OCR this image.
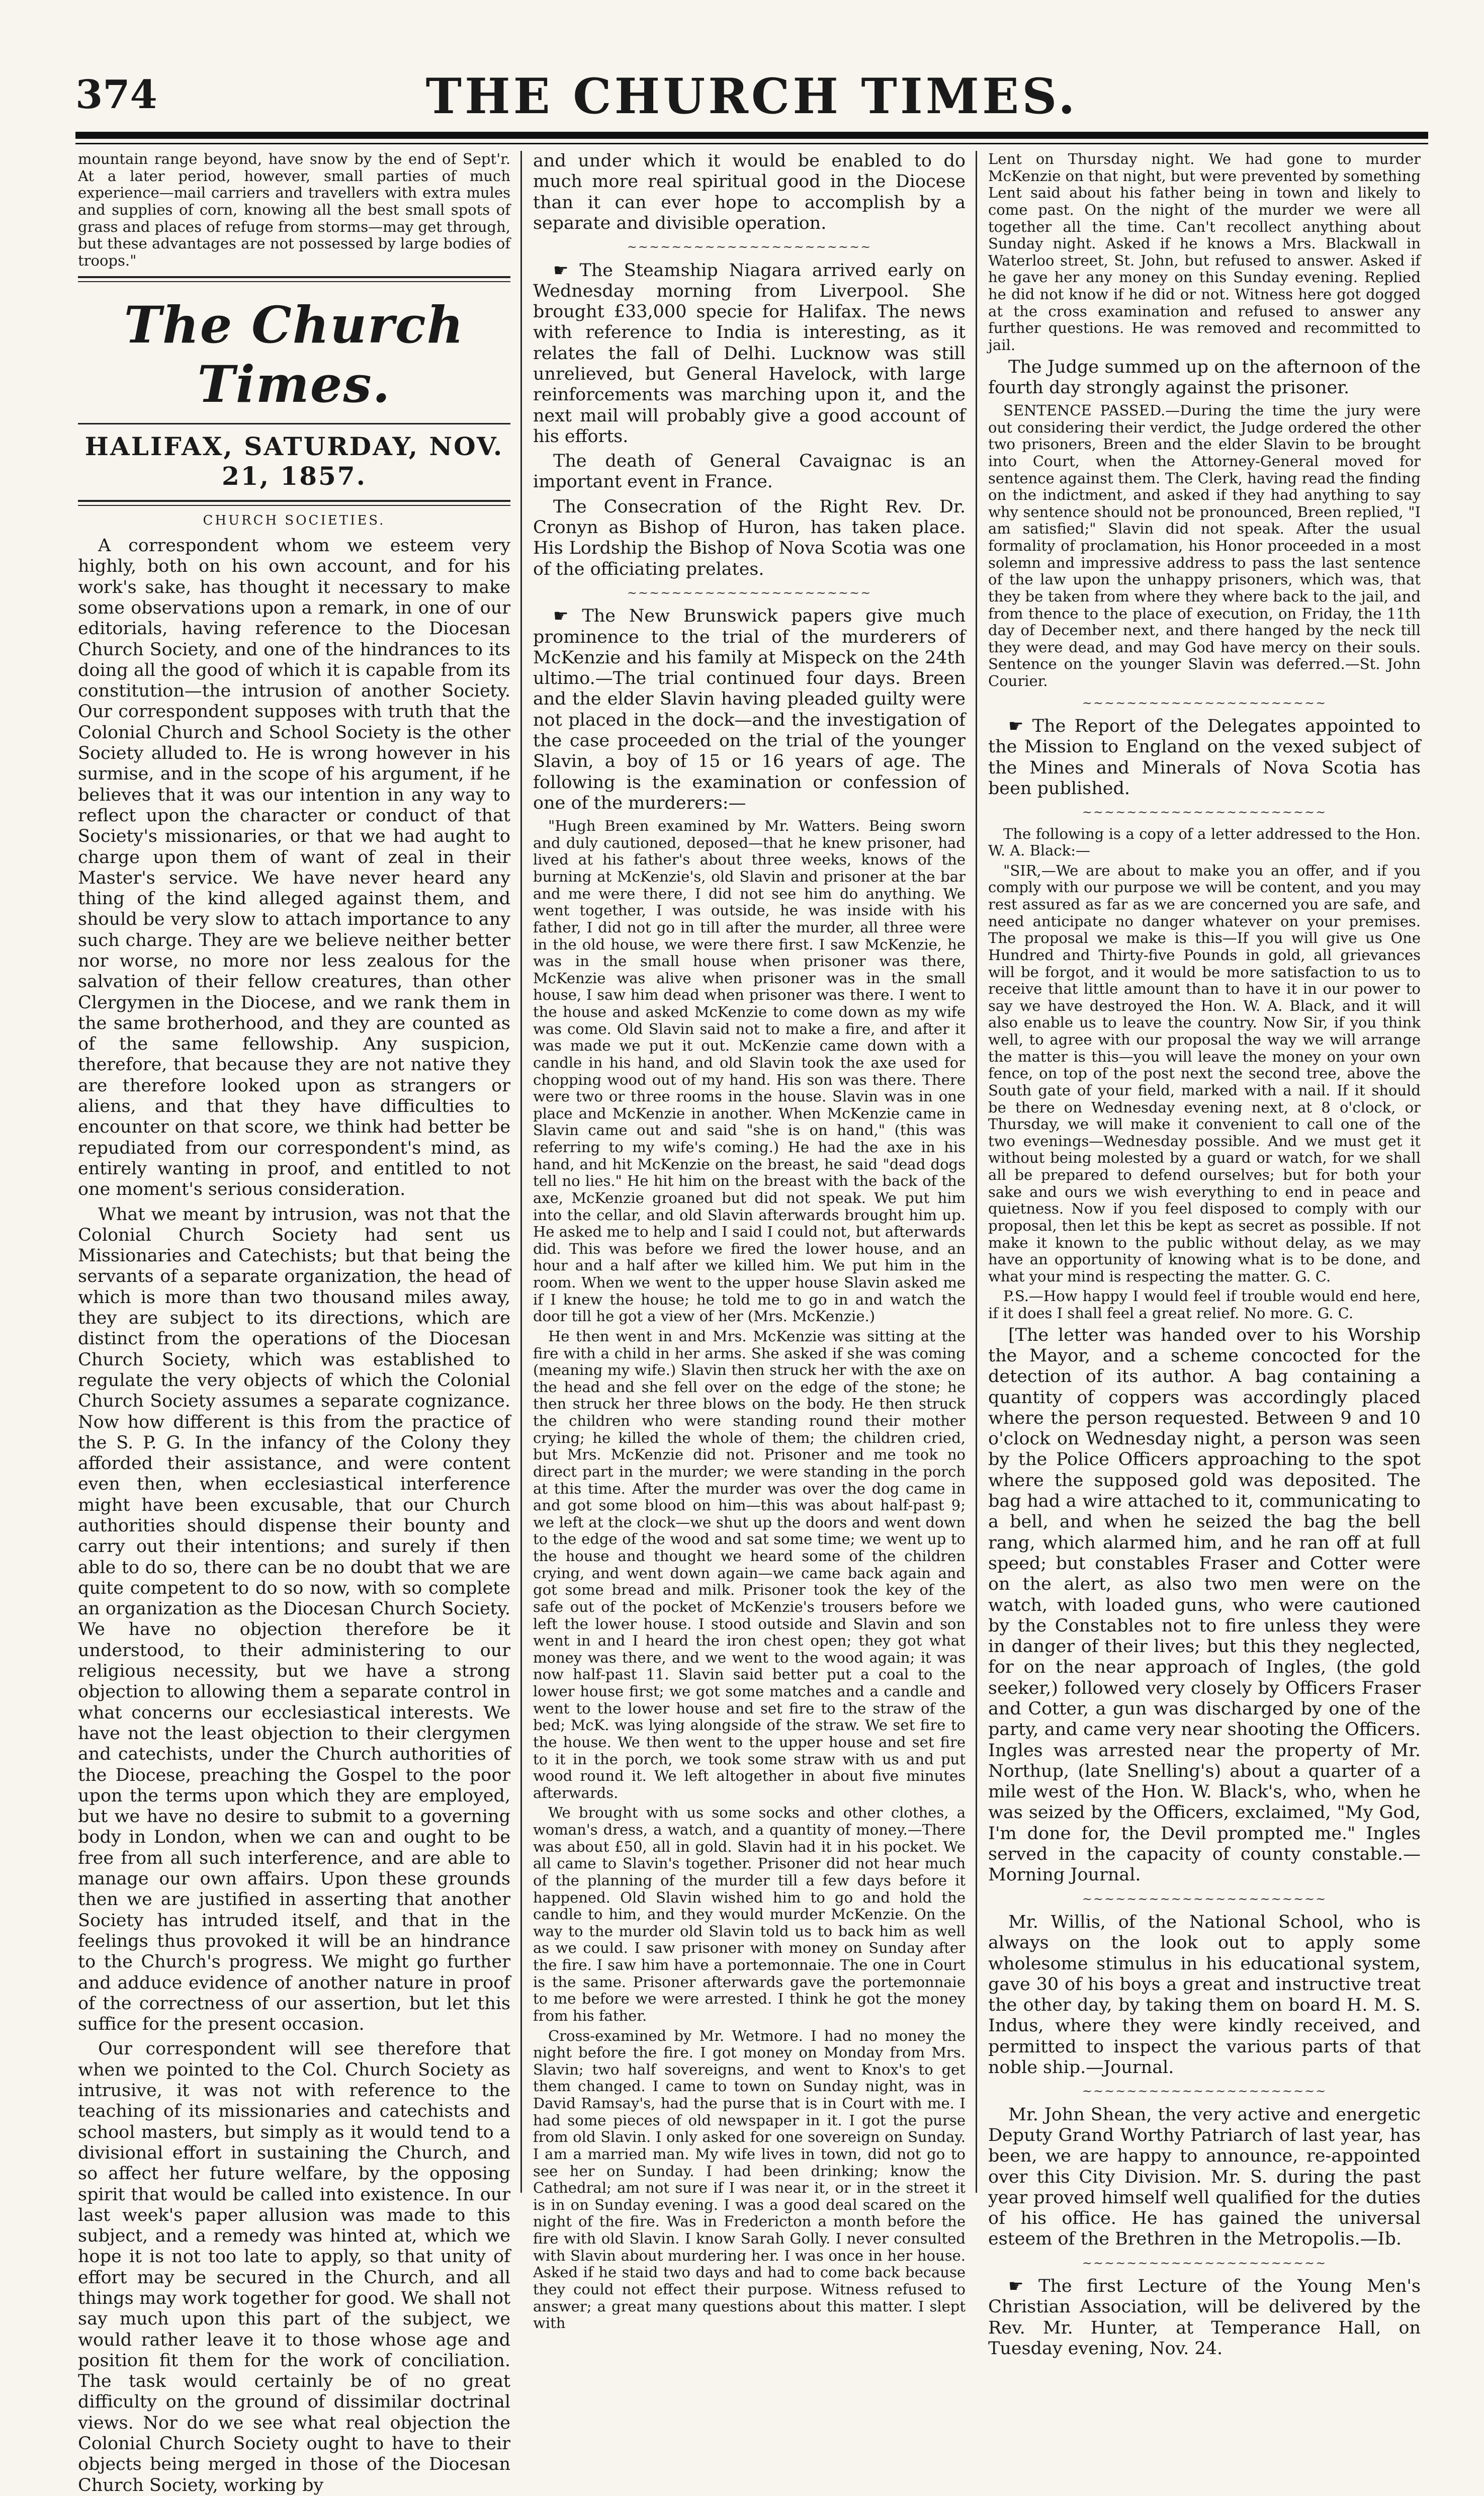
374	THE CHURCH TIMES.

mountain range beyond, have snow by the end of Sept'r. At a later period, however, small parties of much experience—mail carriers and travellers with extra mules and supplies of corn, knowing all the best small spots of grass and places of refuge from storms—may get through, but these advantages are not possessed by large bodies of troops."

The Church Times.
HALIFAX, SATURDAY, NOV. 21, 1857.
CHURCH SOCIETIES.

A correspondent whom we esteem very highly, both on his own account, and for his work's sake, has thought it necessary to make some observations upon a remark, in one of our editorials, having reference to the Diocesan Church Society, and one of the hindrances to its doing all the good of which it is capable from its constitution—the intrusion of another Society. Our correspondent supposes with truth that the Colonial Church and School Society is the other Society alluded to. He is wrong however in his surmise, and in the scope of his argument, if he believes that it was our intention in any way to reflect upon the character or conduct of that Society's missionaries, or that we had aught to charge upon them of want of zeal in their Master's service. We have never heard any thing of the kind alleged against them, and should be very slow to attach importance to any such charge. They are we believe neither better nor worse, no more nor less zealous for the salvation of their fellow creatures, than other Clergymen in the Diocese, and we rank them in the same brotherhood, and they are counted as of the same fellowship. Any suspicion, therefore, that because they are not native they are therefore looked upon as strangers or aliens, and that they have difficulties to encounter on that score, we think had better be repudiated from our correspondent's mind, as entirely wanting in proof, and entitled to not one moment's serious consideration.

What we meant by intrusion, was not that the Colonial Church Society had sent us Missionaries and Catechists; but that being the servants of a separate organization, the head of which is more than two thousand miles away, they are subject to its directions, which are distinct from the operations of the Diocesan Church Society, which was established to regulate the very objects of which the Colonial Church Society assumes a separate cognizance. Now how different is this from the practice of the S. P. G. In the infancy of the Colony they afforded their assistance, and were content even then, when ecclesiastical interference might have been excusable, that our Church authorities should dispense their bounty and carry out their intentions; and surely if then able to do so, there can be no doubt that we are quite competent to do so now, with so complete an organization as the Diocesan Church Society. We have no objection therefore be it understood, to their administering to our religious necessity, but we have a strong objection to allowing them a separate control in what concerns our ecclesiastical interests. We have not the least objection to their clergymen and catechists, under the Church authorities of the Diocese, preaching the Gospel to the poor upon the terms upon which they are employed, but we have no desire to submit to a governing body in London, when we can and ought to be free from all such interference, and are able to manage our own affairs. Upon these grounds then we are justified in asserting that another Society has intruded itself, and that in the feelings thus provoked it will be an hindrance to the Church's progress. We might go further and adduce evidence of another nature in proof of the correctness of our assertion, but let this suffice for the present occasion.

Our correspondent will see therefore that when we pointed to the Col. Church Society as intrusive, it was not with reference to the teaching of its missionaries and catechists and school masters, but simply as it would tend to a divisional effort in sustaining the Church, and so affect her future welfare, by the opposing spirit that would be called into existence. In our last week's paper allusion was made to this subject, and a remedy was hinted at, which we hope it is not too late to apply, so that unity of effort may be secured in the Church, and all things may work together for good. We shall not say much upon this part of the subject, we would rather leave it to those whose age and position fit them for the work of conciliation. The task would certainly be of no great difficulty on the ground of dissimilar doctrinal views. Nor do we see what real objection the Colonial Church Society ought to have to their objects being merged in those of the Diocesan Church Society, working by

and under which it would be enabled to do much more real spiritual good in the Diocese than it can ever hope to accomplish by a separate and divisible operation.

~~~~~~~~~~~~~~~~~~~~~~

☛ The Steamship Niagara arrived early on Wednesday morning from Liverpool. She brought £33,000 specie for Halifax. The news with reference to India is interesting, as it relates the fall of Delhi. Lucknow was still unrelieved, but General Havelock, with large reinforcements was marching upon it, and the next mail will probably give a good account of his efforts.

The death of General Cavaignac is an important event in France.

The Consecration of the Right Rev. Dr. Cronyn as Bishop of Huron, has taken place. His Lordship the Bishop of Nova Scotia was one of the officiating prelates.

~~~~~~~~~~~~~~~~~~~~~~

☛ The New Brunswick papers give much prominence to the trial of the murderers of McKenzie and his family at Mispeck on the 24th ultimo.—The trial continued four days. Breen and the elder Slavin having pleaded guilty were not placed in the dock—and the investigation of the case proceeded on the trial of the younger Slavin, a boy of 15 or 16 years of age. The following is the examination or confession of one of the murderers:—

"Hugh Breen examined by Mr. Watters. Being sworn and duly cautioned, deposed—that he knew prisoner, had lived at his father's about three weeks, knows of the burning at McKenzie's, old Slavin and prisoner at the bar and me were there, I did not see him do anything. We went together, I was outside, he was inside with his father, I did not go in till after the murder, all three were in the old house, we were there first. I saw McKenzie, he was in the small house when prisoner was there, McKenzie was alive when prisoner was in the small house, I saw him dead when prisoner was there. I went to the house and asked McKenzie to come down as my wife was come. Old Slavin said not to make a fire, and after it was made we put it out. McKenzie came down with a candle in his hand, and old Slavin took the axe used for chopping wood out of my hand. His son was there. There were two or three rooms in the house. Slavin was in one place and McKenzie in another. When McKenzie came in Slavin came out and said "she is on hand," (this was referring to my wife's coming.) He had the axe in his hand, and hit McKenzie on the breast, he said "dead dogs tell no lies." He hit him on the breast with the back of the axe, McKenzie groaned but did not speak. We put him into the cellar, and old Slavin afterwards brought him up. He asked me to help and I said I could not, but afterwards did. This was before we fired the lower house, and an hour and a half after we killed him. We put him in the room. When we went to the upper house Slavin asked me if I knew the house; he told me to go in and watch the door till he got a view of her (Mrs. McKenzie.)

He then went in and Mrs. McKenzie was sitting at the fire with a child in her arms. She asked if she was coming (meaning my wife.) Slavin then struck her with the axe on the head and she fell over on the edge of the stone; he then struck her three blows on the body. He then struck the children who were standing round their mother crying; he killed the whole of them; the children cried, but Mrs. McKenzie did not. Prisoner and me took no direct part in the murder; we were standing in the porch at this time. After the murder was over the dog came in and got some blood on him—this was about half-past 9; we left at the clock—we shut up the doors and went down to the edge of the wood and sat some time; we went up to the house and thought we heard some of the children crying, and went down again—we came back again and got some bread and milk. Prisoner took the key of the safe out of the pocket of McKenzie's trousers before we left the lower house. I stood outside and Slavin and son went in and I heard the iron chest open; they got what money was there, and we went to the wood again; it was now half-past 11. Slavin said better put a coal to the lower house first; we got some matches and a candle and went to the lower house and set fire to the straw of the bed; McK. was lying alongside of the straw. We set fire to the house. We then went to the upper house and set fire to it in the porch, we took some straw with us and put wood round it. We left altogether in about five minutes afterwards.

We brought with us some socks and other clothes, a woman's dress, a watch, and a quantity of money.—There was about £50, all in gold. Slavin had it in his pocket. We all came to Slavin's together. Prisoner did not hear much of the planning of the murder till a few days before it happened. Old Slavin wished him to go and hold the candle to him, and they would murder McKenzie. On the way to the murder old Slavin told us to back him as well as we could. I saw prisoner with money on Sunday after the fire. I saw him have a portemonnaie. The one in Court is the same. Prisoner afterwards gave the portemonnaie to me before we were arrested. I think he got the money from his father.

Cross-examined by Mr. Wetmore. I had no money the night before the fire. I got money on Monday from Mrs. Slavin; two half sovereigns, and went to Knox's to get them changed. I came to town on Sunday night, was in David Ramsay's, had the purse that is in Court with me. I had some pieces of old newspaper in it. I got the purse from old Slavin. I only asked for one sovereign on Sunday. I am a married man. My wife lives in town, did not go to see her on Sunday. I had been drinking; know the Cathedral; am not sure if I was near it, or in the street it is in on Sunday evening. I was a good deal scared on the night of the fire. Was in Fredericton a month before the fire with old Slavin. I know Sarah Golly. I never consulted with Slavin about murdering her. I was once in her house. Asked if he staid two days and had to come back because they could not effect their purpose. Witness refused to answer; a great many questions about this matter. I slept with

Lent on Thursday night. We had gone to murder McKenzie on that night, but were prevented by something Lent said about his father being in town and likely to come past. On the night of the murder we were all together all the time. Can't recollect anything about Sunday night. Asked if he knows a Mrs. Blackwall in Waterloo street, St. John, but refused to answer. Asked if he gave her any money on this Sunday evening. Replied he did not know if he did or not. Witness here got dogged at the cross examination and refused to answer any further questions. He was removed and recommitted to jail.

The Judge summed up on the afternoon of the fourth day strongly against the prisoner.

SENTENCE PASSED.—During the time the jury were out considering their verdict, the Judge ordered the other two prisoners, Breen and the elder Slavin to be brought into Court, when the Attorney-General moved for sentence against them. The Clerk, having read the finding on the indictment, and asked if they had anything to say why sentence should not be pronounced, Breen replied, "I am satisfied;" Slavin did not speak. After the usual formality of proclamation, his Honor proceeded in a most solemn and impressive address to pass the last sentence of the law upon the unhappy prisoners, which was, that they be taken from where they where back to the jail, and from thence to the place of execution, on Friday, the 11th day of December next, and there hanged by the neck till they were dead, and may God have mercy on their souls. Sentence on the younger Slavin was deferred.—St. John Courier.

~~~~~~~~~~~~~~~~~~~~~~

☛ The Report of the Delegates appointed to the Mission to England on the vexed subject of the Mines and Minerals of Nova Scotia has been published.

~~~~~~~~~~~~~~~~~~~~~~

The following is a copy of a letter addressed to the Hon. W. A. Black:—

"SIR,—We are about to make you an offer, and if you comply with our purpose we will be content, and you may rest assured as far as we are concerned you are safe, and need anticipate no danger whatever on your premises. The proposal we make is this—If you will give us One Hundred and Thirty-five Pounds in gold, all grievances will be forgot, and it would be more satisfaction to us to receive that little amount than to have it in our power to say we have destroyed the Hon. W. A. Black, and it will also enable us to leave the country. Now Sir, if you think well, to agree with our proposal the way we will arrange the matter is this—you will leave the money on your own fence, on top of the post next the second tree, above the South gate of your field, marked with a nail. If it should be there on Wednesday evening next, at 8 o'clock, or Thursday, we will make it convenient to call one of the two evenings—Wednesday possible. And we must get it without being molested by a guard or watch, for we shall all be prepared to defend ourselves; but for both your sake and ours we wish everything to end in peace and quietness. Now if you feel disposed to comply with our proposal, then let this be kept as secret as possible. If not make it known to the public without delay, as we may have an opportunity of knowing what is to be done, and what your mind is respecting the matter. G. C.

P.S.—How happy I would feel if trouble would end here, if it does I shall feel a great relief. No more. G. C.

[The letter was handed over to his Worship the Mayor, and a scheme concocted for the detection of its author. A bag containing a quantity of coppers was accordingly placed where the person requested. Between 9 and 10 o'clock on Wednesday night, a person was seen by the Police Officers approaching to the spot where the supposed gold was deposited. The bag had a wire attached to it, communicating to a bell, and when he seized the bag the bell rang, which alarmed him, and he ran off at full speed; but constables Fraser and Cotter were on the alert, as also two men were on the watch, with loaded guns, who were cautioned by the Constables not to fire unless they were in danger of their lives; but this they neglected, for on the near approach of Ingles, (the gold seeker,) followed very closely by Officers Fraser and Cotter, a gun was discharged by one of the party, and came very near shooting the Officers. Ingles was arrested near the property of Mr. Northup, (late Snelling's) about a quarter of a mile west of the Hon. W. Black's, who, when he was seized by the Officers, exclaimed, "My God, I'm done for, the Devil prompted me." Ingles served in the capacity of county constable.—Morning Journal.

~~~~~~~~~~~~~~~~~~~~~~

Mr. Willis, of the National School, who is always on the look out to apply some wholesome stimulus in his educational system, gave 30 of his boys a great and instructive treat the other day, by taking them on board H. M. S. Indus, where they were kindly received, and permitted to inspect the various parts of that noble ship.—Journal.

~~~~~~~~~~~~~~~~~~~~~~

Mr. John Shean, the very active and energetic Deputy Grand Worthy Patriarch of last year, has been, we are happy to announce, re-appointed over this City Division. Mr. S. during the past year proved himself well qualified for the duties of his office. He has gained the universal esteem of the Brethren in the Metropolis.—Ib.

~~~~~~~~~~~~~~~~~~~~~~

☛ The first Lecture of the Young Men's Christian Association, will be delivered by the Rev. Mr. Hunter, at Temperance Hall, on Tuesday evening, Nov. 24.
